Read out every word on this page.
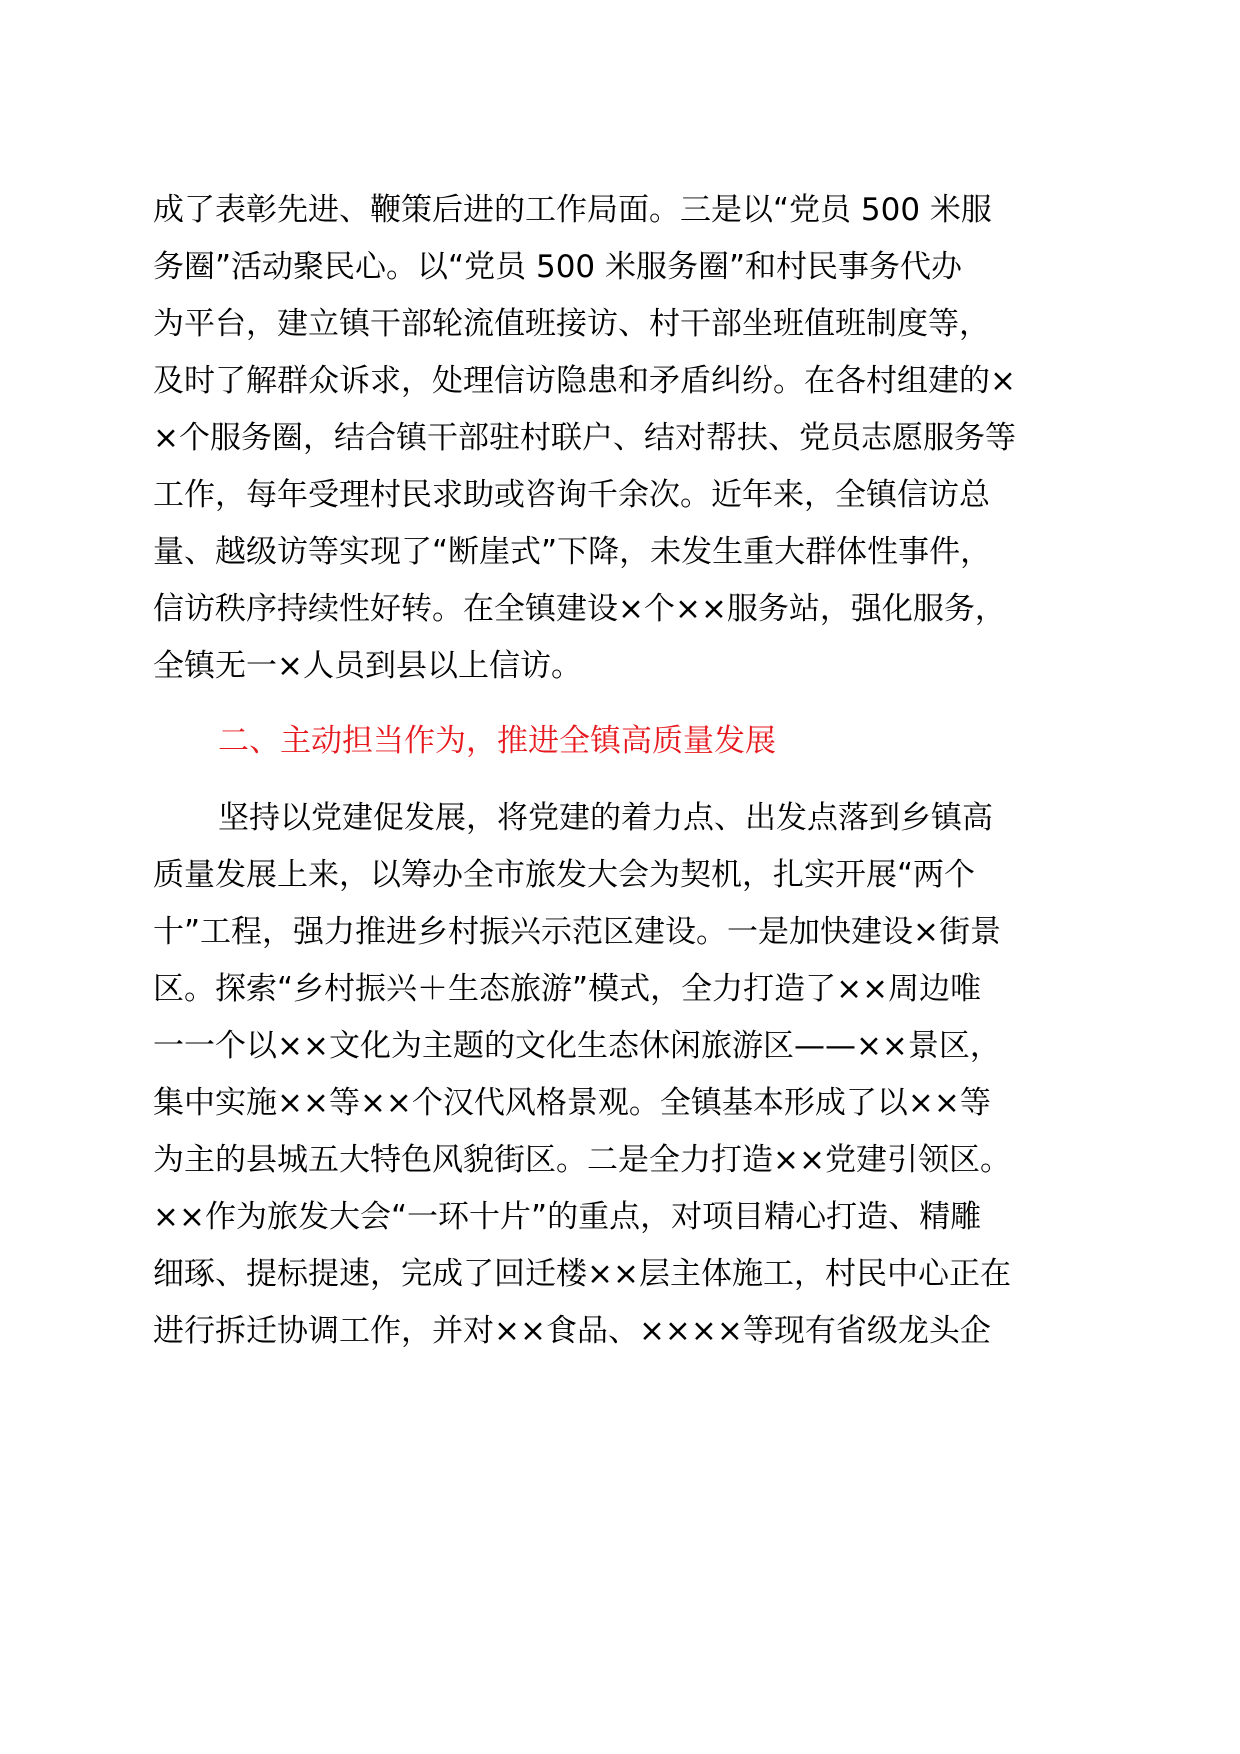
成了表彰先进、鞭策后进的工作局面。三是以“党员 500 米服
务圈”活动聚民心。以“党员 500 米服务圈”和村民事务代办
为平台，建立镇干部轮流值班接访、村干部坐班值班制度等，
及时了解群众诉求，处理信访隐患和矛盾纠纷。在各村组建的×
×个服务圈，结合镇干部驻村联户、结对帮扶、党员志愿服务等
工作，每年受理村民求助或咨询千余次。近年来，全镇信访总
量、越级访等实现了“断崖式”下降，未发生重大群体性事件，
信访秩序持续性好转。在全镇建设×个××服务站，强化服务，
全镇无一×人员到县以上信访。
二、主动担当作为，推进全镇高质量发展
坚持以党建促发展，将党建的着力点、出发点落到乡镇高
质量发展上来，以筹办全市旅发大会为契机，扎实开展“两个
十”工程，强力推进乡村振兴示范区建设。一是加快建设×街景
区。探索“乡村振兴＋生态旅游”模式，全力打造了××周边唯
一一个以××文化为主题的文化生态休闲旅游区——××景区，
集中实施××等××个汉代风格景观。全镇基本形成了以××等
为主的县城五大特色风貌街区。二是全力打造××党建引领区。
××作为旅发大会“一环十片”的重点，对项目精心打造、精雕
细琢、提标提速，完成了回迁楼××层主体施工，村民中心正在
进行拆迁协调工作，并对××食品、××××等现有省级龙头企
